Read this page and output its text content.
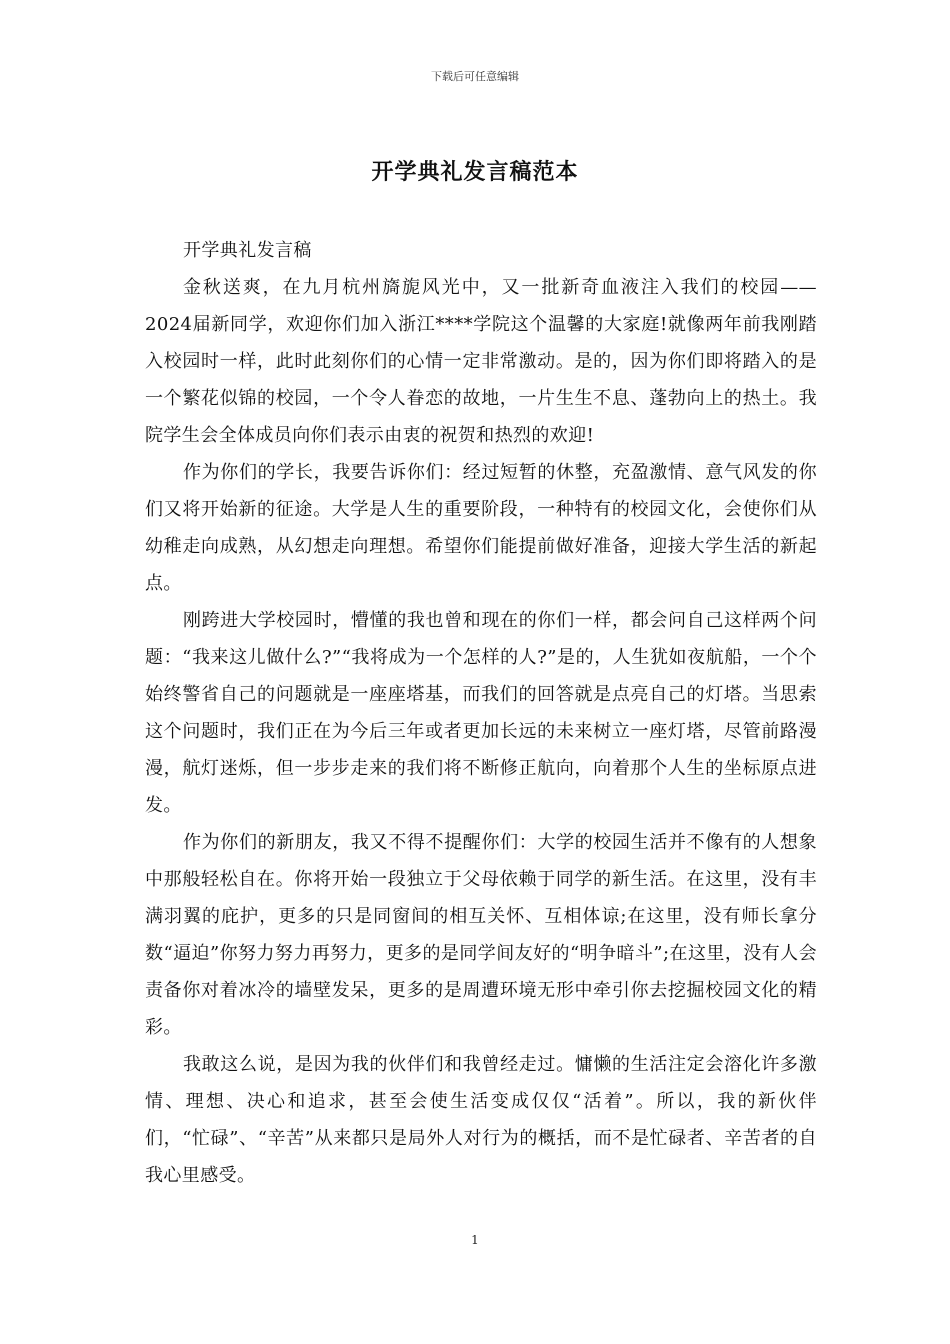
下载后可任意编辑
开学典礼发言稿范本

开学典礼发言稿

金秋送爽，在九月杭州旖旎风光中，又一批新奇血液注入我们的校园——2024届新同学，欢迎你们加入浙江****学院这个温馨的大家庭!就像两年前我刚踏入校园时一样，此时此刻你们的心情一定非常激动。是的，因为你们即将踏入的是一个繁花似锦的校园，一个令人眷恋的故地，一片生生不息、蓬勃向上的热土。我院学生会全体成员向你们表示由衷的祝贺和热烈的欢迎!

作为你们的学长，我要告诉你们：经过短暂的休整，充盈激情、意气风发的你们又将开始新的征途。大学是人生的重要阶段，一种特有的校园文化，会使你们从幼稚走向成熟，从幻想走向理想。希望你们能提前做好准备，迎接大学生活的新起点。

刚跨进大学校园时，懵懂的我也曾和现在的你们一样，都会问自己这样两个问题：“我来这儿做什么?”“我将成为一个怎样的人?”是的，人生犹如夜航船，一个个始终警省自己的问题就是一座座塔基，而我们的回答就是点亮自己的灯塔。当思索这个问题时，我们正在为今后三年或者更加长远的未来树立一座灯塔，尽管前路漫漫，航灯迷烁，但一步步走来的我们将不断修正航向，向着那个人生的坐标原点进发。

作为你们的新朋友，我又不得不提醒你们：大学的校园生活并不像有的人想象中那般轻松自在。你将开始一段独立于父母依赖于同学的新生活。在这里，没有丰满羽翼的庇护，更多的只是同窗间的相互关怀、互相体谅;在这里，没有师长拿分数“逼迫”你努力努力再努力，更多的是同学间友好的“明争暗斗”;在这里，没有人会责备你对着冰冷的墙壁发呆，更多的是周遭环境无形中牵引你去挖掘校园文化的精彩。

我敢这么说，是因为我的伙伴们和我曾经走过。慵懒的生活注定会溶化许多激情、理想、决心和追求，甚至会使生活变成仅仅“活着”。所以，我的新伙伴们，“忙碌”、“辛苦”从来都只是局外人对行为的概括，而不是忙碌者、辛苦者的自我心里感受。

1
